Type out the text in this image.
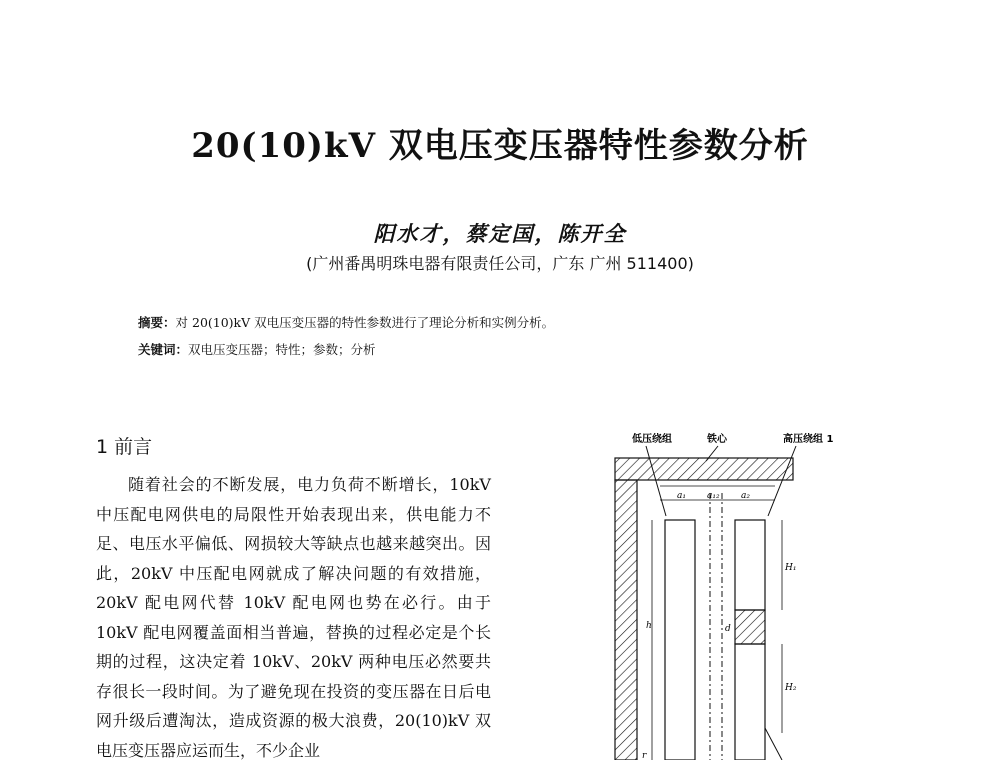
20(10)kV 双电压变压器特性参数分析
阳水才，蔡定国，陈开全
(广州番禺明珠电器有限责任公司，广东 广州 511400)
摘要：对 20(10)kV 双电压变压器的特性参数进行了理论分析和实例分析。
关键词：双电压变压器；特性；参数；分析
1 前言

随着社会的不断发展，电力负荷不断增长，10kV 中压配电网供电的局限性开始表现出来，供电能力不足、电压水平偏低、网损较大等缺点也越来越突出。因此，20kV 中压配电网就成了解决问题的有效措施，20kV 配电网代替 10kV 配电网也势在必行。由于 10kV 配电网覆盖面相当普遍，替换的过程必定是个长期的过程，这决定着 10kV、20kV 两种电压必然要共存很长一段时间。为了避免现在投资的变压器在日后电网升级后遭淘汰，造成资源的极大浪费，20(10)kV 双电压变压器应运而生，不少企业

低压绕组	铁心	高压绕组 1
a₁ a₁₂ a₂
h
H₁
H₂
d
r
